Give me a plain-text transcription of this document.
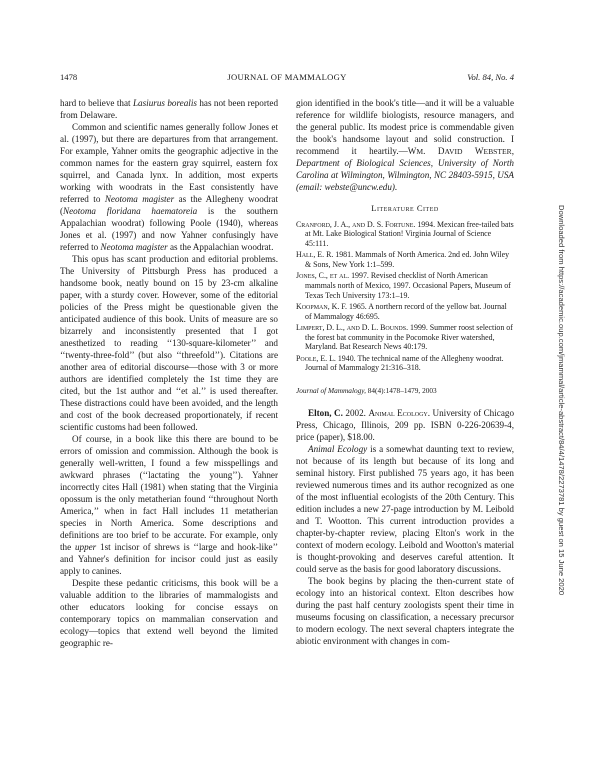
1478	JOURNAL OF MAMMALOGY	Vol. 84, No. 4

hard to believe that Lasiurus borealis has not been reported from Delaware.

Common and scientific names generally follow Jones et al. (1997), but there are departures from that arrangement. For example, Yahner omits the geographic adjective in the common names for the eastern gray squirrel, eastern fox squirrel, and Canada lynx. In addition, most experts working with woodrats in the East consistently have referred to Neotoma magister as the Allegheny woodrat (Neotoma floridana haematoreia is the southern Appalachian woodrat) following Poole (1940), whereas Jones et al. (1997) and now Yahner confusingly have referred to Neotoma magister as the Appalachian woodrat.

This opus has scant production and editorial problems. The University of Pittsburgh Press has produced a handsome book, neatly bound on 15 by 23-cm alkaline paper, with a sturdy cover. However, some of the editorial policies of the Press might be questionable given the anticipated audience of this book. Units of measure are so bizarrely and inconsistently presented that I got anesthetized to reading ‘‘130-square-kilometer’’ and ‘‘twenty-three-fold’’ (but also ‘‘threefold’’). Citations are another area of editorial discourse—those with 3 or more authors are identified completely the 1st time they are cited, but the 1st author and ‘‘et al.’’ is used thereafter. These distractions could have been avoided, and the length and cost of the book decreased proportionately, if recent scientific customs had been followed.

Of course, in a book like this there are bound to be errors of omission and commission. Although the book is generally well-written, I found a few misspellings and awkward phrases (‘‘lactating the young’’). Yahner incorrectly cites Hall (1981) when stating that the Virginia opossum is the only metatherian found ‘‘throughout North America,’’ when in fact Hall includes 11 metatherian species in North America. Some descriptions and definitions are too brief to be accurate. For example, only the upper 1st incisor of shrews is ‘‘large and hook-like’’ and Yahner's definition for incisor could just as easily apply to canines.

Despite these pedantic criticisms, this book will be a valuable addition to the libraries of mammalogists and other educators looking for concise essays on contemporary topics on mammalian conservation and ecology—topics that extend well beyond the limited geographic re-

gion identified in the book's title—and it will be a valuable reference for wildlife biologists, resource managers, and the general public. Its modest price is commendable given the book's handsome layout and solid construction. I recommend it heartily.—WM. DAVID WEBSTER, Department of Biological Sciences, University of North Carolina at Wilmington, Wilmington, NC 28403-5915, USA (email: webste@uncw.edu).

Literature Cited
Cranford, J. A., and D. S. Fortune. 1994. Mexican free-tailed bats at Mt. Lake Biological Station! Virginia Journal of Science 45:111.
Hall, E. R. 1981. Mammals of North America. 2nd ed. John Wiley & Sons, New York 1:1–599.
Jones, C., et al. 1997. Revised checklist of North American mammals north of Mexico, 1997. Occasional Papers, Museum of Texas Tech University 173:1–19.
Koopman, K. F. 1965. A northern record of the yellow bat. Journal of Mammalogy 46:695.
Limpert, D. L., and D. L. Bounds. 1999. Summer roost selection of the forest bat community in the Pocomoke River watershed, Maryland. Bat Research News 40:179.
Poole, E. L. 1940. The technical name of the Allegheny woodrat. Journal of Mammalogy 21:316–318.
Journal of Mammalogy, 84(4):1478–1479, 2003

Elton, C. 2002. Animal Ecology. University of Chicago Press, Chicago, Illinois, 209 pp. ISBN 0-226-20639-4, price (paper), $18.00.

Animal Ecology is a somewhat daunting text to review, not because of its length but because of its long and seminal history. First published 75 years ago, it has been reviewed numerous times and its author recognized as one of the most influential ecologists of the 20th Century. This edition includes a new 27-page introduction by M. Leibold and T. Wootton. This current introduction provides a chapter-by-chapter review, placing Elton's work in the context of modern ecology. Leibold and Wootton's material is thought-provoking and deserves careful attention. It could serve as the basis for good laboratory discussions.

The book begins by placing the then-current state of ecology into an historical context. Elton describes how during the past half century zoologists spent their time in museums focusing on classification, a necessary precursor to modern ecology. The next several chapters integrate the abiotic environment with changes in com-

Downloaded from https://academic.oup.com/jmammal/article-abstract/84/4/1478/2273781 by guest on 15 June 2020
